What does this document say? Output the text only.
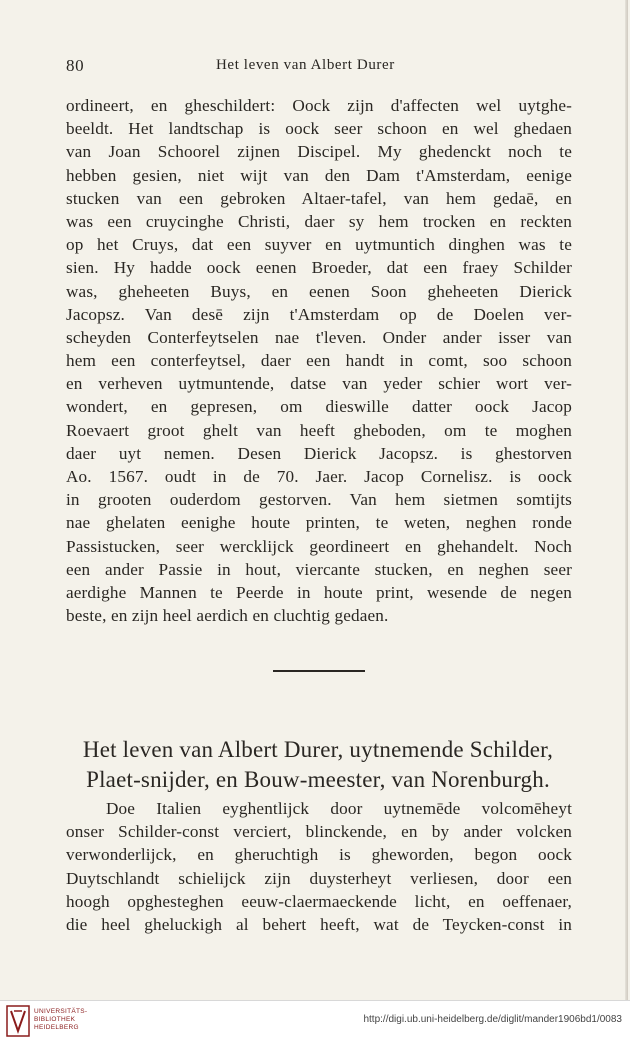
80	Het leven van Albert Durer
ordineert, en gheschildert: Oock zijn d'affecten wel uytghe-
beeldt. Het landtschap is oock seer schoon en wel ghedaen
van Joan Schoorel zijnen Discipel. My ghedenckt noch te
hebben gesien, niet wijt van den Dam t'Amsterdam, eenige
stucken van een gebroken Altaer-tafel, van hem gedaē, en
was een cruycinghe Christi, daer sy hem trocken en reckten
op het Cruys, dat een suyver en uytmuntich dinghen was te
sien. Hy hadde oock eenen Broeder, dat een fraey Schilder
was, gheheeten Buys, en eenen Soon gheheeten Dierick
Jacopsz. Van desē zijn t'Amsterdam op de Doelen ver-
scheyden Conterfeytselen nae t'leven. Onder ander isser van
hem een conterfeytsel, daer een handt in comt, soo schoon
en verheven uytmuntende, datse van yeder schier wort ver-
wondert, en gepresen, om dieswille datter oock Jacop
Roevaert groot ghelt van heeft gheboden, om te moghen
daer uyt nemen. Desen Dierick Jacopsz. is ghestorven
Ao. 1567. oudt in de 70. Jaer. Jacop Cornelisz. is oock
in grooten ouderdom gestorven. Van hem sietmen somtijts
nae ghelaten eenighe houte printen, te weten, neghen ronde
Passistucken, seer wercklijck geordineert en ghehandelt. Noch
een ander Passie in hout, viercante stucken, en neghen seer
aerdighe Mannen te Peerde in houte print, wesende de negen
beste, en zijn heel aerdich en cluchtig gedaen.
Het leven van Albert Durer, uytnemende Schilder,
Plaet-snijder, en Bouw-meester, van Norenburgh.
Doe Italien eyghentlijck door uytnemēde volcomēheyt
onser Schilder-const verciert, blinckende, en by ander volcken
verwonderlijck, en gheruchtigh is gheworden, begon oock
Duytschlandt schielijck zijn duysterheyt verliesen, door een
hoogh opghesteghen eeuw-claermaeckende licht, en oeffenaer,
die heel gheluckigh al behert heeft, wat de Teycken-const in
UNIVERSITÄTS-
BIBLIOTHEK
HEIDELBERG
http://digi.ub.uni-heidelberg.de/diglit/mander1906bd1/0083
